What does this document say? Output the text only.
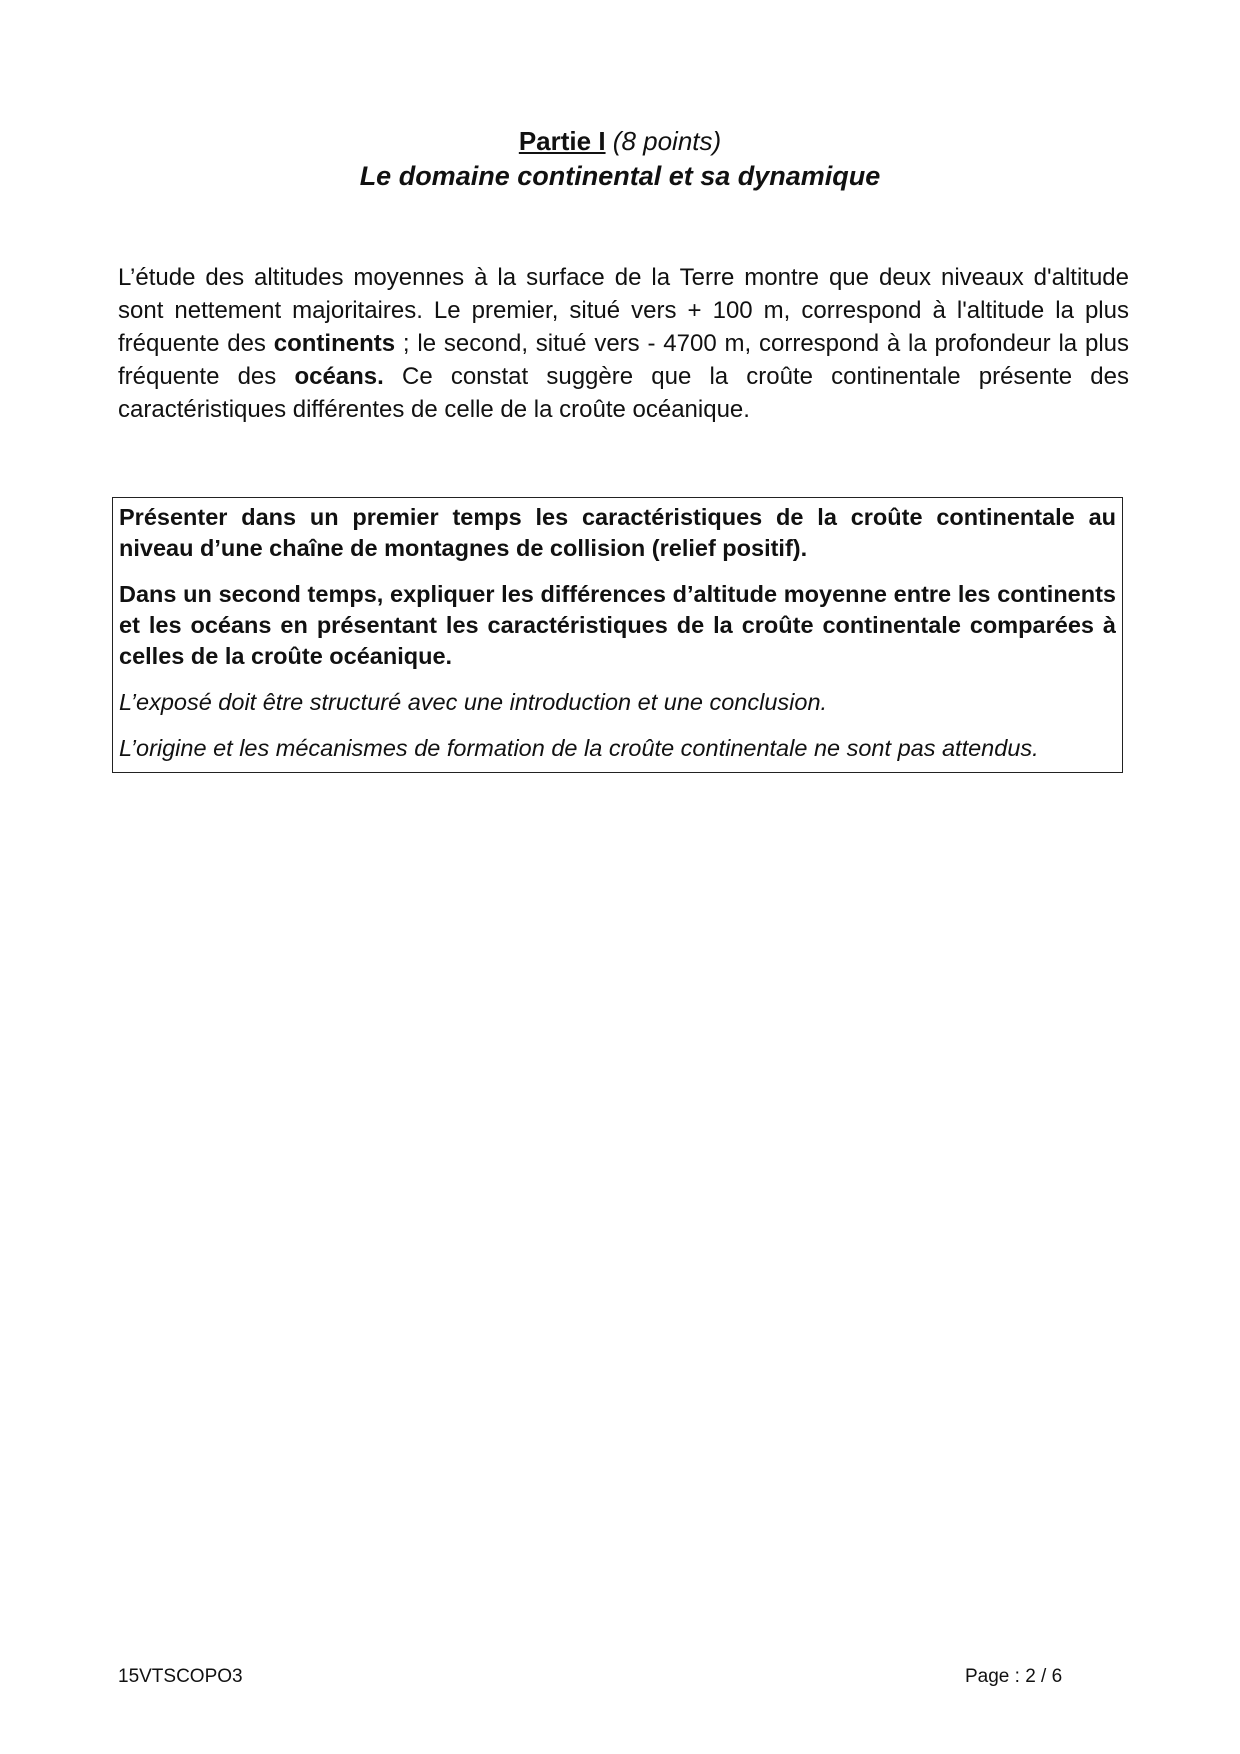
Partie I (8 points)
Le domaine continental et sa dynamique

L’étude des altitudes moyennes à la surface de la Terre montre que deux niveaux d'altitude sont nettement majoritaires. Le premier, situé vers + 100 m, correspond à l'altitude la plus fréquente des continents ; le second, situé vers - 4700 m, correspond à la profondeur la plus fréquente des océans. Ce constat suggère que la croûte continentale présente des caractéristiques différentes de celle de la croûte océanique.

Présenter dans un premier temps les caractéristiques de la croûte continentale au niveau d’une chaîne de montagnes de collision (relief positif).

Dans un second temps, expliquer les différences d’altitude moyenne entre les continents et les océans en présentant les caractéristiques de la croûte continentale comparées à celles de la croûte océanique.

L’exposé doit être structuré avec une introduction et une conclusion.

L’origine et les mécanismes de formation de la croûte continentale ne sont pas attendus.

15VTSCOPO3	Page : 2 / 6
